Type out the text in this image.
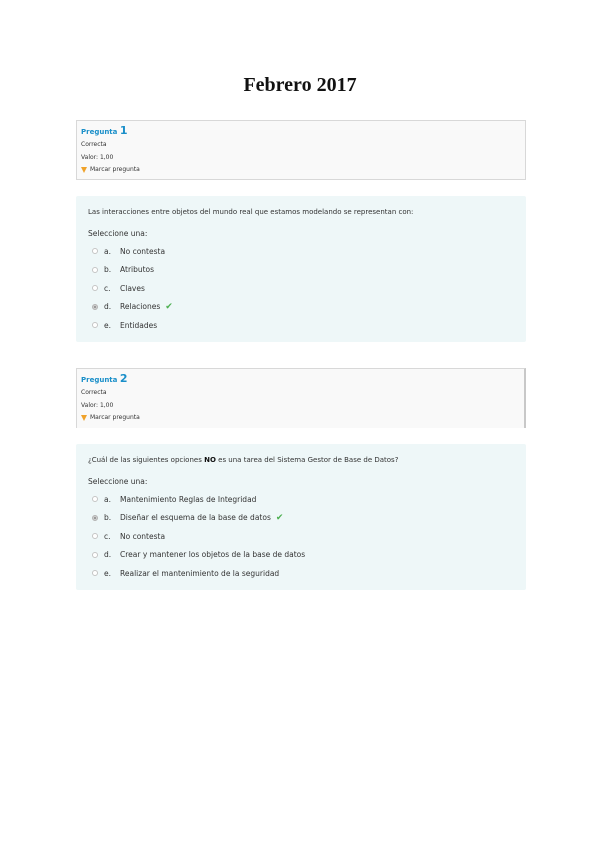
Febrero 2017
Pregunta 1
Correcta
Valor: 1,00
Marcar pregunta
Las interacciones entre objetos del mundo real que estamos modelando se representan con:
Seleccione una:
a.	No contesta
b.	Atributos
c.	Claves
d.	Relaciones ✔
e.	Entidades
Pregunta 2
Correcta
Valor: 1,00
Marcar pregunta
¿Cuál de las siguientes opciones NO es una tarea del Sistema Gestor de Base de Datos?
Seleccione una:
a.	Mantenimiento Reglas de Integridad
b.	Diseñar el esquema de la base de datos ✔
c.	No contesta
d.	Crear y mantener los objetos de la base de datos
e.	Realizar el mantenimiento de la seguridad
